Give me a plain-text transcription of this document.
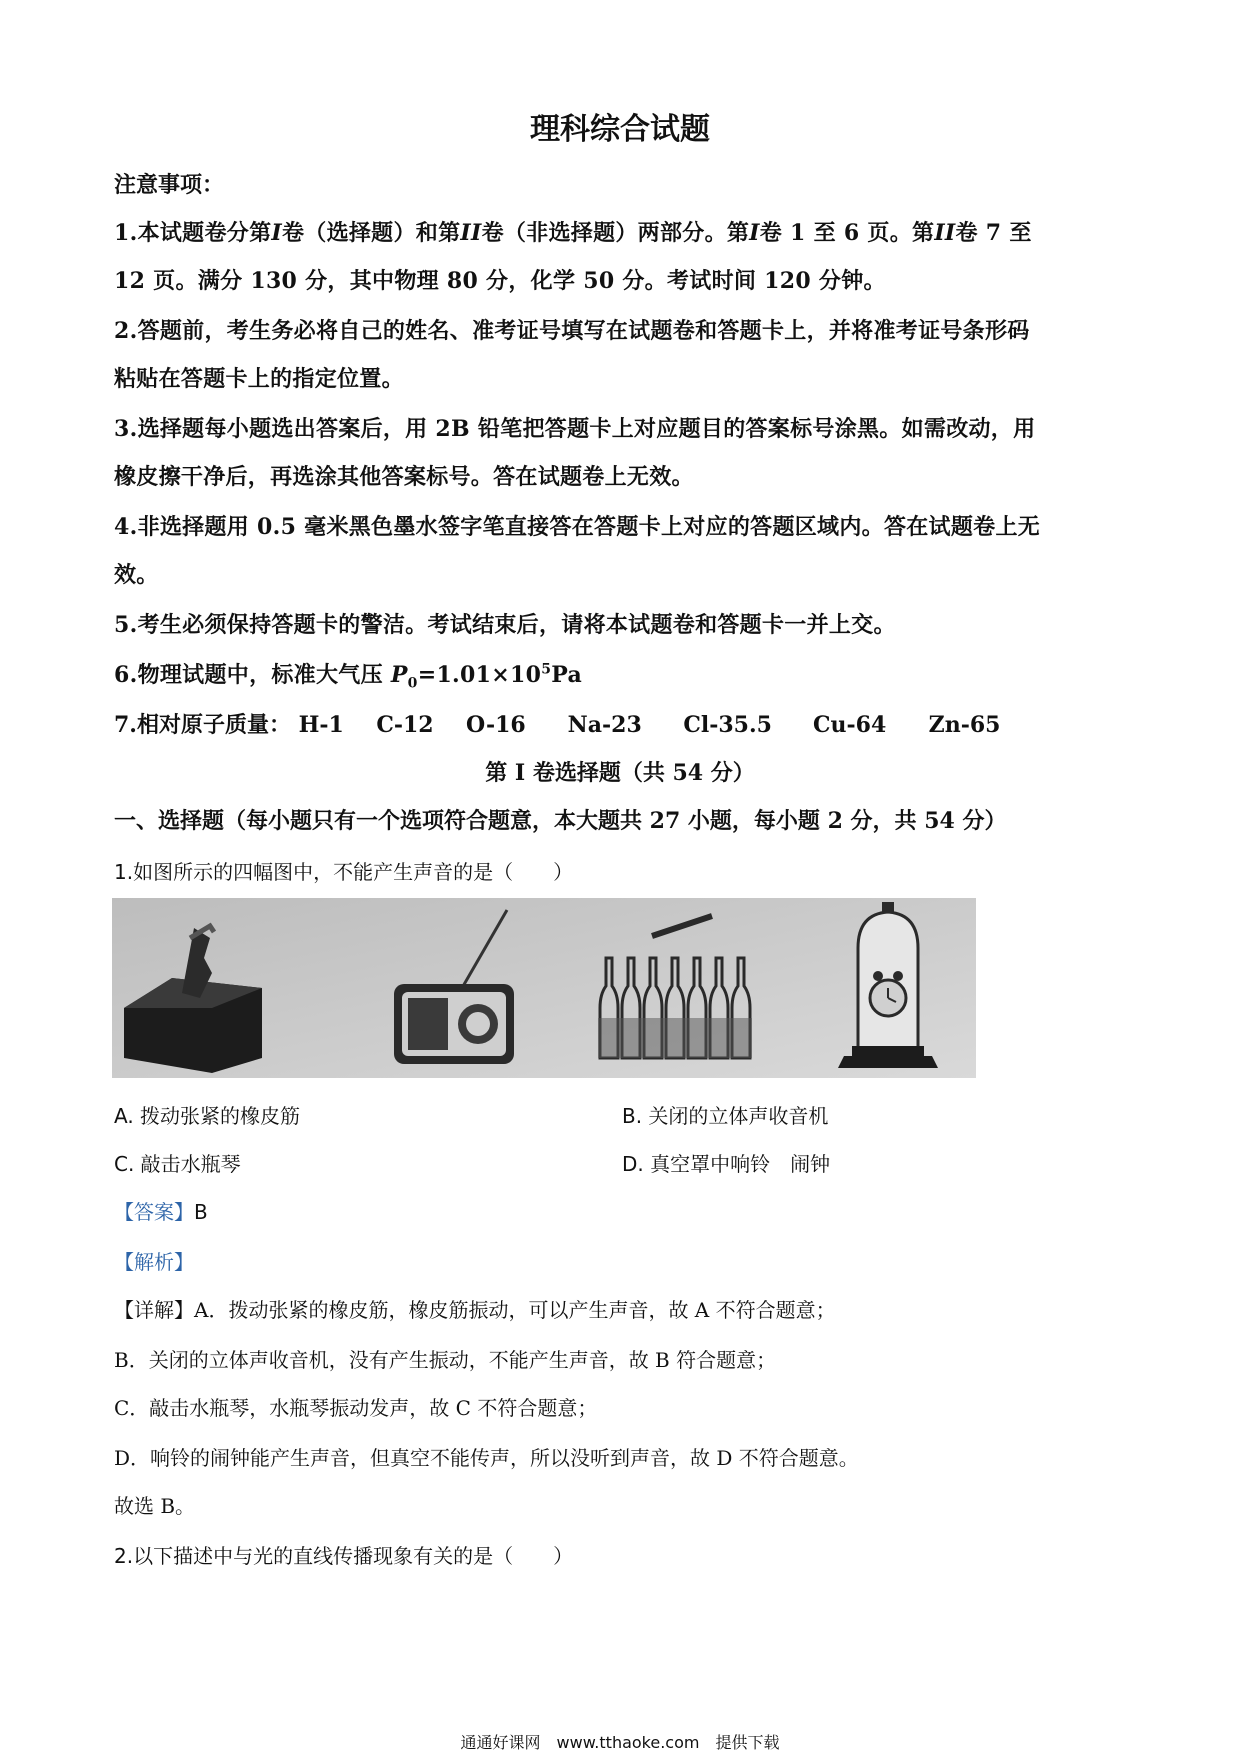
理科综合试题
注意事项：
1.本试题卷分第I卷（选择题）和第II卷（非选择题）两部分。第I卷 1 至 6 页。第II卷 7 至
12 页。满分 130 分，其中物理 80 分，化学 50 分。考试时间 120 分钟。
2.答题前，考生务必将自己的姓名、准考证号填写在试题卷和答题卡上，并将准考证号条形码
粘贴在答题卡上的指定位置。
3.选择题每小题选出答案后，用 2B 铅笔把答题卡上对应题目的答案标号涂黑。如需改动，用
橡皮擦干净后，再选涂其他答案标号。答在试题卷上无效。
4.非选择题用 0.5 毫米黑色墨水签字笔直接答在答题卡上对应的答题区域内。答在试题卷上无
效。
5.考生必须保持答题卡的警洁。考试结束后，请将本试题卷和答题卡一并上交。
6.物理试题中，标准大气压 $P_0=1.01\times 10^5Pa$
7.相对原子质量： H-1 C-12 O-16 Na-23 Cl-35.5 Cu-64 Zn-65
第 I 卷选择题（共 54 分）
一、选择题（每小题只有一个选项符合题意，本大题共 27 小题，每小题 2 分，共 54 分）
1.如图所示的四幅图中，不能产生声音的是（　　）
A. 拨动张紧的橡皮筋	B. 关闭的立体声收音机
C. 敲击水瓶琴	D. 真空罩中响铃　闹钟
【答案】B
【解析】
【详解】A．拨动张紧的橡皮筋，橡皮筋振动，可以产生声音，故 A 不符合题意；
B．关闭的立体声收音机，没有产生振动，不能产生声音，故 B 符合题意；
C．敲击水瓶琴，水瓶琴振动发声，故 C 不符合题意；
D．响铃的闹钟能产生声音，但真空不能传声，所以没听到声音，故 D 不符合题意。
故选 B。
2.以下描述中与光的直线传播现象有关的是（　　）
通通好课网　www.tthaoke.com　提供下载
